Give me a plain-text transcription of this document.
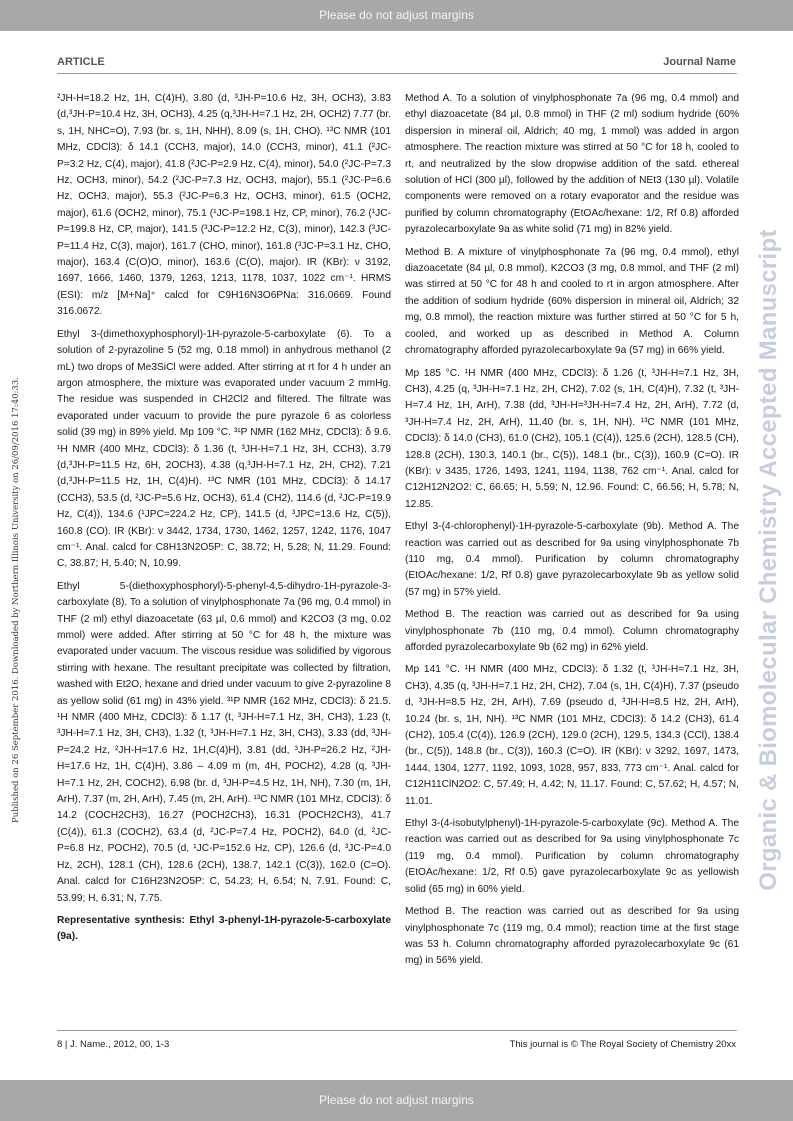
Please do not adjust margins
ARTICLE	Journal Name
Published on 26 September 2016. Downloaded by Northern Illinois University on 26/09/2016 17:40:33.	Organic & Biomolecular Chemistry Accepted Manuscript

²JH-H=18.2 Hz, 1H, C(4)H), 3.80 (d, ³JH-P=10.6 Hz, 3H, OCH3), 3.83 (d,³JH-P=10.4 Hz, 3H, OCH3), 4.25 (q,³JH-H=7.1 Hz, 2H, OCH2) 7.77 (br. s, 1H, NHC=O), 7.93 (br. s, 1H, NHH), 8.09 (s, 1H, CHO). ¹³C NMR (101 MHz, CDCl3): δ 14.1 (CCH3, major), 14.0 (CCH3, minor), 41.1 (²JC-P=3.2 Hz, C(4), major), 41.8 (²JC-P=2.9 Hz, C(4), minor), 54.0 (²JC-P=7.3 Hz, OCH3, minor), 54.2 (²JC-P=7.3 Hz, OCH3, major), 55.1 (²JC-P=6.6 Hz, OCH3, major), 55.3 (²JC-P=6.3 Hz, OCH3, minor), 61.5 (OCH2, major), 61.6 (OCH2, minor), 75.1 (¹JC-P=198.1 Hz, CP, minor), 76.2 (¹JC-P=199.8 Hz, CP, major), 141.5 (³JC-P=12.2 Hz, C(3), minor), 142.3 (³JC-P=11.4 Hz, C(3), major), 161.7 (CHO, minor), 161.8 (³JC-P=3.1 Hz, CHO, major), 163.4 (C(O)O, minor), 163.6 (C(O), major). IR (KBr): ν 3192, 1697, 1666, 1460, 1379, 1263, 1213, 1178, 1037, 1022 cm⁻¹. HRMS (ESI): m/z [M+Na]⁺ calcd for C9H16N3O6PNa: 316.0669. Found 316.0672.

Ethyl 3-(dimethoxyphosphoryl)-1H-pyrazole-5-carboxylate (6). To a solution of 2-pyrazoline 5 (52 mg, 0.18 mmol) in anhydrous methanol (2 mL) two drops of Me3SiCl were added. After stirring at rt for 4 h under an argon atmosphere, the mixture was evaporated under vacuum 2 mmHg. The residue was suspended in CH2Cl2 and filtered. The filtrate was evaporated under vacuum to provide the pure pyrazole 6 as colorless solid (39 mg) in 89% yield. Mp 109 °C. ³¹P NMR (162 MHz, CDCl3): δ 9.6. ¹H NMR (400 MHz, CDCl3): δ 1.36 (t, ³JH-H=7.1 Hz, 3H, CCH3), 3.79 (d,³JH-P=11.5 Hz, 6H, 2OCH3), 4.38 (q,³JH-H=7.1 Hz, 2H, CH2), 7.21 (d,³JH-P=11.5 Hz, 1H, C(4)H). ¹³C NMR (101 MHz, CDCl3): δ 14.17 (CCH3), 53.5 (d, ²JC-P=5.6 Hz, OCH3), 61.4 (CH2), 114.6 (d, ²JC-P=19.9 Hz, C(4)), 134.6 (¹JPC=224.2 Hz, CP), 141.5 (d, ³JPC=13.6 Hz, C(5)), 160.8 (CO). IR (KBr): ν 3442, 1734, 1730, 1462, 1257, 1242, 1176, 1047 cm⁻¹. Anal. calcd for C8H13N2O5P: C, 38.72; H, 5.28; N, 11.29. Found: C, 38.87; H, 5.40; N, 10.99.

Ethyl 5-(diethoxyphosphoryl)-5-phenyl-4,5-dihydro-1H-pyrazole-3-carboxylate (8). To a solution of vinylphosphonate 7a (96 mg, 0.4 mmol) in THF (2 ml) ethyl diazoacetate (63 µl, 0.6 mmol) and K2CO3 (3 mg, 0.02 mmol) were added. After stirring at 50 °C for 48 h, the mixture was evaporated under vacuum. The viscous residue was solidified by vigorous stirring with hexane. The resultant precipitate was collected by filtration, washed with Et2O, hexane and dried under vacuum to give 2-pyrazoline 8 as yellow solid (61 mg) in 43% yield. ³¹P NMR (162 MHz, CDCl3): δ 21.5. ¹H NMR (400 MHz, CDCl3): δ 1.17 (t, ³JH-H=7.1 Hz, 3H, CH3), 1.23 (t, ³JH-H=7.1 Hz, 3H, CH3), 1.32 (t, ³JH-H=7.1 Hz, 3H, CH3), 3.33 (dd, ³JH-P=24.2 Hz, ²JH-H=17.6 Hz, 1H,C(4)H), 3.81 (dd, ³JH-P=26.2 Hz, ²JH-H=17.6 Hz, 1H, C(4)H), 3.86 – 4.09 m (m, 4H, POCH2), 4.28 (q, ³JH-H=7.1 Hz, 2H, COCH2), 6.98 (br. d, ³JH-P=4.5 Hz, 1H, NH), 7.30 (m, 1H, ArH), 7.37 (m, 2H, ArH), 7.45 (m, 2H, ArH). ¹³C NMR (101 MHz, CDCl3): δ 14.2 (COCH2CH3), 16.27 (POCH2CH3), 16.31 (POCH2CH3), 41.7 (C(4)), 61.3 (COCH2), 63.4 (d, ²JC-P=7.4 Hz, POCH2), 64.0 (d, ²JC-P=6.8 Hz, POCH2), 70.5 (d, ¹JC-P=152.6 Hz, CP), 126.6 (d, ³JC-P=4.0 Hz, 2CH), 128.1 (CH), 128.6 (2CH), 138.7, 142.1 (C(3)), 162.0 (C=O). Anal. calcd for C16H23N2O5P: C, 54.23; H, 6.54; N, 7.91. Found: C, 53.99; H, 6.31; N, 7.75.

Representative synthesis: Ethyl 3-phenyl-1H-pyrazole-5-carboxylate (9a).

Method A. To a solution of vinylphosphonate 7a (96 mg, 0.4 mmol) and ethyl diazoacetate (84 µl, 0.8 mmol) in THF (2 ml) sodium hydride (60% dispersion in mineral oil, Aldrich; 40 mg, 1 mmol) was added in argon atmosphere. The reaction mixture was stirred at 50 °C for 18 h, cooled to rt, and neutralized by the slow dropwise addition of the satd. ethereal solution of HCl (300 µl), followed by the addition of NEt3 (130 µl). Volatile components were removed on a rotary evaporator and the residue was purified by column chromatography (EtOAc/hexane: 1/2, Rf 0.8) afforded pyrazolecarboxylate 9a as white solid (71 mg) in 82% yield.

Method B. A mixture of vinylphosphonate 7a (96 mg, 0.4 mmol), ethyl diazoacetate (84 µl, 0.8 mmol), K2CO3 (3 mg, 0.8 mmol, and THF (2 ml) was stirred at 50 °C for 48 h and cooled to rt in argon atmosphere. After the addition of sodium hydride (60% dispersion in mineral oil, Aldrich; 32 mg, 0.8 mmol), the reaction mixture was further stirred at 50 °C for 5 h, cooled, and worked up as described in Method A. Column chromatography afforded pyrazolecarboxylate 9a (57 mg) in 66% yield.

Mp 185 °C. ¹H NMR (400 MHz, CDCl3): δ 1.26 (t, ³JH-H=7.1 Hz, 3H, CH3), 4.25 (q, ³JH-H=7.1 Hz, 2H, CH2), 7.02 (s, 1H, C(4)H), 7.32 (t, ³JH-H=7.4 Hz, 1H, ArH), 7.38 (dd, ³JH-H=³JH-H=7.4 Hz, 2H, ArH), 7.72 (d, ³JH-H=7.4 Hz, 2H, ArH), 11.40 (br. s, 1H, NH). ¹³C NMR (101 MHz, CDCl3): δ 14.0 (CH3), 61.0 (CH2), 105.1 (C(4)), 125.6 (2CH), 128.5 (CH), 128.8 (2CH), 130.3, 140.1 (br., C(5)), 148.1 (br., C(3)), 160.9 (C=O). IR (KBr): ν 3435, 1726, 1493, 1241, 1194, 1138, 762 cm⁻¹. Anal. calcd for C12H12N2O2: C, 66.65; H, 5.59; N, 12.96. Found: C, 66.56; H, 5.78; N, 12.85.

Ethyl 3-(4-chlorophenyl)-1H-pyrazole-5-carboxylate (9b). Method A. The reaction was carried out as described for 9a using vinylphosphonate 7b (110 mg, 0.4 mmol). Purification by column chromatography (EtOAc/hexane: 1/2, Rf 0.8) gave pyrazolecarboxylate 9b as yellow solid (57 mg) in 57% yield.

Method B. The reaction was carried out as described for 9a using vinylphosphonate 7b (110 mg, 0.4 mmol). Column chromatography afforded pyrazolecarboxylate 9b (62 mg) in 62% yield.

Mp 141 °C. ¹H NMR (400 MHz, CDCl3): δ 1.32 (t, ³JH-H=7.1 Hz, 3H, CH3), 4.35 (q, ³JH-H=7.1 Hz, 2H, CH2), 7.04 (s, 1H, C(4)H), 7.37 (pseudo d, ³JH-H=8.5 Hz, 2H, ArH), 7.69 (pseudo d, ³JH-H=8.5 Hz, 2H, ArH), 10.24 (br. s, 1H, NH). ¹³C NMR (101 MHz, CDCl3): δ 14.2 (CH3), 61.4 (CH2), 105.4 (C(4)), 126.9 (2CH), 129.0 (2CH), 129.5, 134.3 (CCl), 138.4 (br., C(5)), 148.8 (br., C(3)), 160.3 (C=O). IR (KBr): ν 3292, 1697, 1473, 1444, 1304, 1277, 1192, 1093, 1028, 957, 833, 773 cm⁻¹. Anal. calcd for C12H11ClN2O2: C, 57.49; H, 4.42; N, 11.17. Found: C, 57.62; H, 4.57; N, 11.01.

Ethyl 3-(4-isobutylphenyl)-1H-pyrazole-5-carboxylate (9c). Method A. The reaction was carried out as described for 9a using vinylphosphonate 7c (119 mg, 0.4 mmol). Purification by column chromatography (EtOAc/hexane: 1/2, Rf 0.5) gave pyrazolecarboxylate 9c as yellowish solid (65 mg) in 60% yield.

Method B. The reaction was carried out as described for 9a using vinylphosphonate 7c (119 mg, 0.4 mmol); reaction time at the first stage was 53 h. Column chromatography afforded pyrazolecarboxylate 9c (61 mg) in 56% yield.

8 | J. Name., 2012, 00, 1-3	This journal is © The Royal Society of Chemistry 20xx
Please do not adjust margins
